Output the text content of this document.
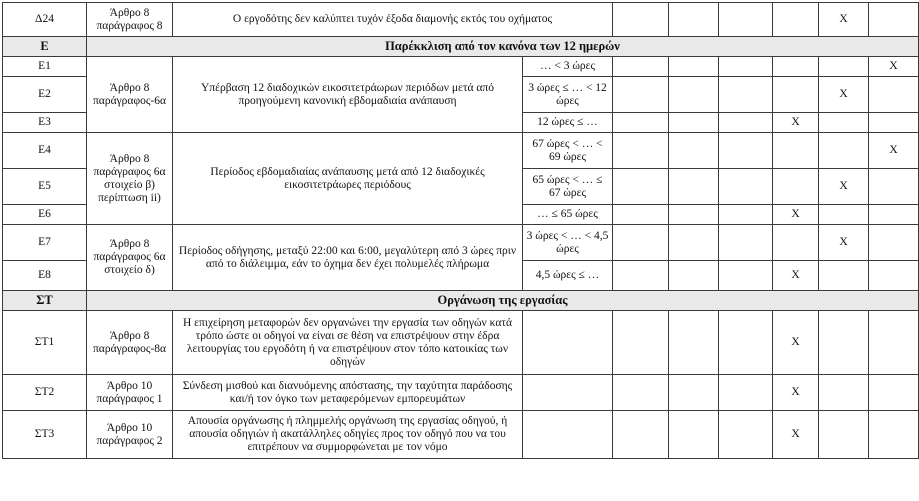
Δ24	Άρθρο 8 παράγραφος 8	Ο εργοδότης δεν καλύπτει τυχόν έξοδα διαμονής εκτός του οχήματος						X	
Ε	Παρέκκλιση από τον κανόνα των 12 ημερών								
Ε1	Άρθρο 8 παράγραφος-6α	Υπέρβαση 12 διαδοχικών εικοσιτετράωρων περιόδων μετά από προηγούμενη κανονική εβδομαδιαία ανάπαυση	… < 3 ώρες						X
Ε2			3 ώρες ≤ … < 12 ώρες					X	
Ε3			12 ώρες ≤ …				X		
Ε4	Άρθρο 8 παράγραφος 6α στοιχείο β) περίπτωση ii)	Περίοδος εβδομαδιαίας ανάπαυσης μετά από 12 διαδοχικές εικοσιτετράωρες περιόδους	67 ώρες < … < 69 ώρες						X
Ε5			65 ώρες < … ≤ 67 ώρες					X	
Ε6			… ≤ 65 ώρες				X		
Ε7	Άρθρο 8 παράγραφος 6α στοιχείο δ)	Περίοδος οδήγησης, μεταξύ 22:00 και 6:00, μεγαλύτερη από 3 ώρες πριν από το διάλειμμα, εάν το όχημα δεν έχει πολυμελές πλήρωμα	3 ώρες < … < 4,5 ώρες					X	
Ε8			4,5 ώρες ≤ …				X		
ΣΤ	Οργάνωση της εργασίας								
ΣΤ1	Άρθρο 8 παράγραφος-8α	Η επιχείρηση μεταφορών δεν οργανώνει την εργασία των οδηγών κατά τρόπο ώστε οι οδηγοί να είναι σε θέση να επιστρέψουν στην έδρα λειτουργίας του εργοδότη ή να επιστρέψουν στον τόπο κατοικίας των οδηγών					X		
ΣΤ2	Άρθρο 10 παράγραφος 1	Σύνδεση μισθού και διανυόμενης απόστασης, την ταχύτητα παράδοσης και/ή τον όγκο των μεταφερόμενων εμπορευμάτων					X		
ΣΤ3	Άρθρο 10 παράγραφος 2	Απουσία οργάνωσης ή πλημμελής οργάνωση της εργασίας οδηγού, ή απουσία οδηγιών ή ακατάλληλες οδηγίες προς τον οδηγό που να του επιτρέπουν να συμμορφώνεται με τον νόμο					X		
